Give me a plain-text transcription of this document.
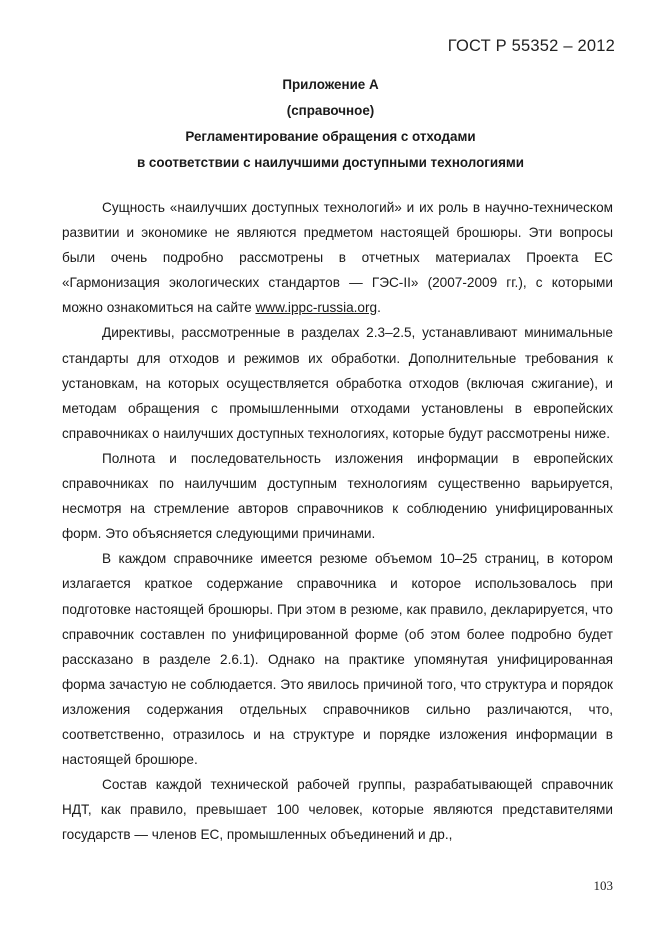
ГОСТ Р 55352 – 2012
Приложение А
(справочное)
Регламентирование обращения с отходами
в соответствии с наилучшими доступными технологиями

Сущность «наилучших доступных технологий» и их роль в научно-техническом развитии и экономике не являются предметом настоящей брошюры. Эти вопросы были очень подробно рассмотрены в отчетных материалах Проекта ЕС «Гармонизация экологических стандартов — ГЭС-II» (2007-2009 гг.), с которыми можно ознакомиться на сайте www.ippc-russia.org.

Директивы, рассмотренные в разделах 2.3–2.5, устанавливают минимальные стандарты для отходов и режимов их обработки. Дополнительные требования к установкам, на которых осуществляется обработка отходов (включая сжигание), и методам обращения с промышленными отходами установлены в европейских справочниках о наилучших доступных технологиях, которые будут рассмотрены ниже.

Полнота и последовательность изложения информации в европейских справочниках по наилучшим доступным технологиям существенно варьируется, несмотря на стремление авторов справочников к соблюдению унифицированных форм. Это объясняется следующими причинами.

В каждом справочнике имеется резюме объемом 10–25 страниц, в котором излагается краткое содержание справочника и которое использовалось при подготовке настоящей брошюры. При этом в резюме, как правило, декларируется, что справочник составлен по унифицированной форме (об этом более подробно будет рассказано в разделе 2.6.1). Однако на практике упомянутая унифицированная форма зачастую не соблюдается. Это явилось причиной того, что структура и порядок изложения содержания отдельных справочников сильно различаются, что, соответственно, отразилось и на структуре и порядке изложения информации в настоящей брошюре.

Состав каждой технической рабочей группы, разрабатывающей справочник НДТ, как правило, превышает 100 человек, которые являются представителями государств — членов ЕС, промышленных объединений и др.,

103
